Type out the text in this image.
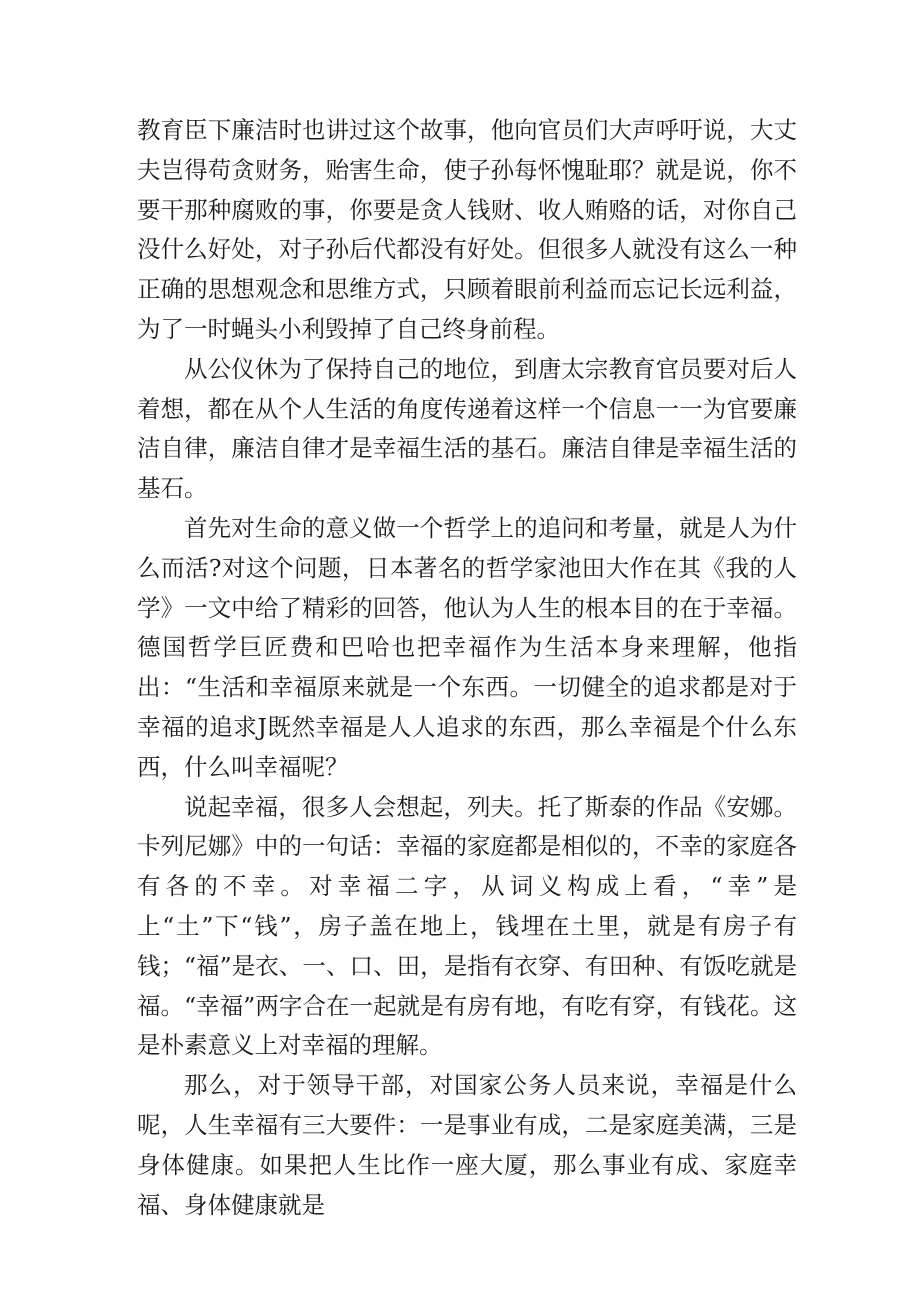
教育臣下廉洁时也讲过这个故事，他向官员们大声呼吁说，大丈夫岂得苟贪财务，贻害生命，使子孙每怀愧耻耶？就是说，你不要干那种腐败的事，你要是贪人钱财、收人贿赂的话，对你自己没什么好处，对子孙后代都没有好处。但很多人就没有这么一种正确的思想观念和思维方式，只顾着眼前利益而忘记长远利益，为了一时蝇头小利毁掉了自己终身前程。

从公仪休为了保持自己的地位，到唐太宗教育官员要对后人着想，都在从个人生活的角度传递着这样一个信息一一为官要廉洁自律，廉洁自律才是幸福生活的基石。廉洁自律是幸福生活的基石。

首先对生命的意义做一个哲学上的追问和考量，就是人为什么而活?对这个问题，日本著名的哲学家池田大作在其《我的人学》一文中给了精彩的回答，他认为人生的根本目的在于幸福。德国哲学巨匠费和巴哈也把幸福作为生活本身来理解，他指出：“生活和幸福原来就是一个东西。一切健全的追求都是对于幸福的追求J既然幸福是人人追求的东西，那么幸福是个什么东西，什么叫幸福呢？

说起幸福，很多人会想起，列夫。托了斯泰的作品《安娜。卡列尼娜》中的一句话：幸福的家庭都是相似的，不幸的家庭各有各的不幸。对幸福二字，从词义构成上看，“幸”是上“土”下“钱”，房子盖在地上，钱埋在土里，就是有房子有钱；“福”是衣、一、口、田，是指有衣穿、有田种、有饭吃就是福。“幸福”两字合在一起就是有房有地，有吃有穿，有钱花。这是朴素意义上对幸福的理解。

那么，对于领导干部，对国家公务人员来说，幸福是什么呢，人生幸福有三大要件：一是事业有成，二是家庭美满，三是身体健康。如果把人生比作一座大厦，那么事业有成、家庭幸福、身体健康就是
